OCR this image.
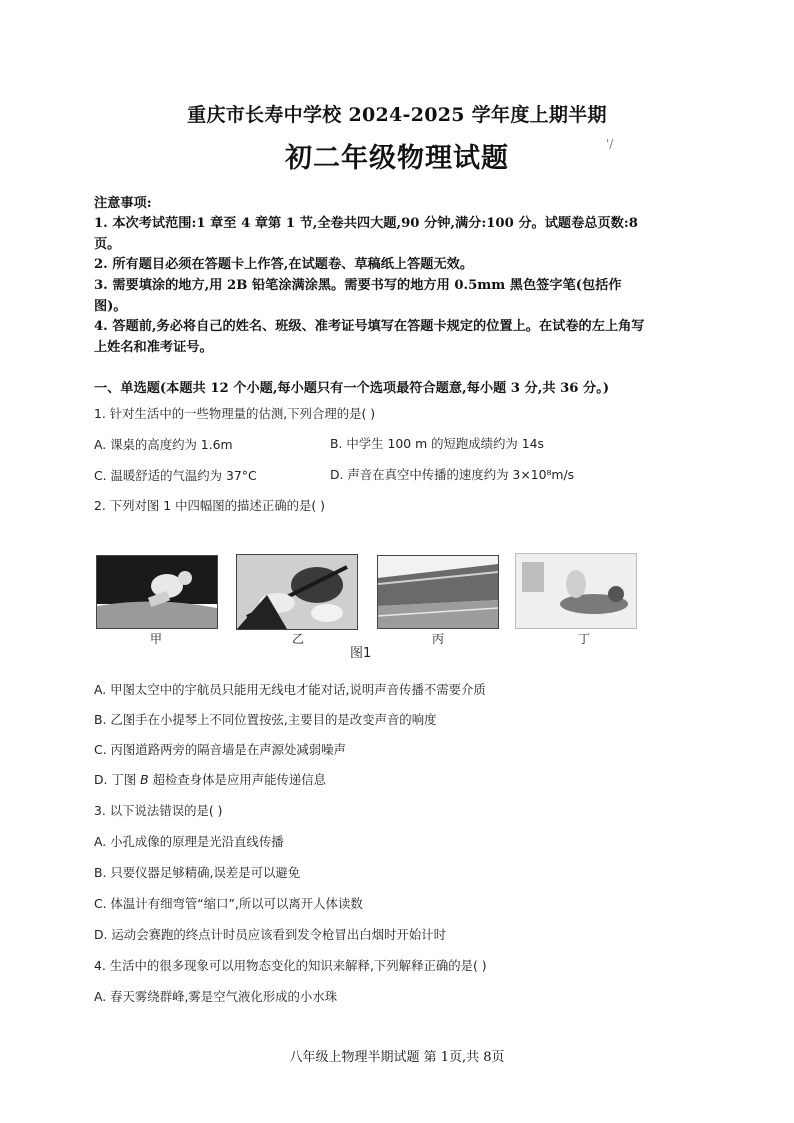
重庆市长寿中学校 2024-2025 学年度上期半期
初二年级物理试题	'/
注意事项:
1. 本次考试范围:1 章至 4 章第 1 节,全卷共四大题,90 分钟,满分:100 分。试题卷总页数:8 页。
2. 所有题目必须在答题卡上作答,在试题卷、草稿纸上答题无效。
3. 需要填涂的地方,用 2B 铅笔涂满涂黑。需要书写的地方用 0.5mm 黑色签字笔(包括作图)。
4. 答题前,务必将自己的姓名、班级、准考证号填写在答题卡规定的位置上。在试卷的左上角写上姓名和准考证号。
一、单选题(本题共 12 个小题,每小题只有一个选项最符合题意,每小题 3 分,共 36 分。)
1. 针对生活中的一些物理量的估测,下列合理的是( )
A. 课桌的高度约为 1.6m	B. 中学生 100 m 的短跑成绩约为 14s
C. 温暖舒适的气温约为 37°C	D. 声音在真空中传播的速度约为 3×10⁸m/s
2. 下列对图 1 中四幅图的描述正确的是( )
甲	乙
图1
丙	丁
A. 甲图太空中的宇航员只能用无线电才能对话,说明声音传播不需要介质
B. 乙图手在小提琴上不同位置按弦,主要目的是改变声音的响度
C. 丙图道路两旁的隔音墙是在声源处减弱噪声
D. 丁图 B 超检查身体是应用声能传递信息
3. 以下说法错误的是( )
A. 小孔成像的原理是光沿直线传播
B. 只要仪器足够精确,误差是可以避免
C. 体温计有细弯管“缩口”,所以可以离开人体读数
D. 运动会赛跑的终点计时员应该看到发令枪冒出白烟时开始计时
4. 生活中的很多现象可以用物态变化的知识来解释,下列解释正确的是( )
A. 春天雾绕群峰,雾是空气液化形成的小水珠
八年级上物理半期试题 第 1页,共 8页
